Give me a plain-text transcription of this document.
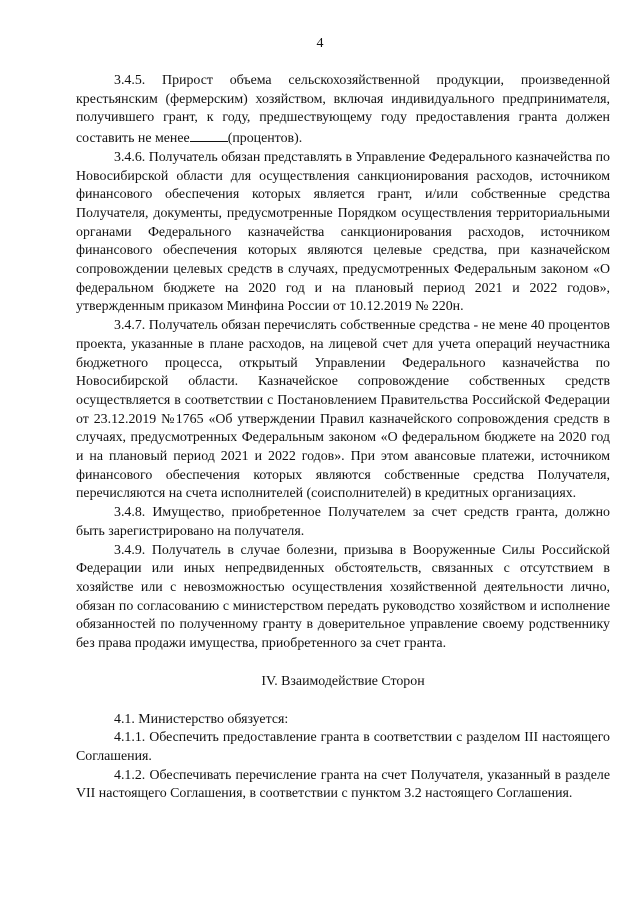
4

3.4.5. Прирост объема сельскохозяйственной продукции, произведенной крестьянским (фермерским) хозяйством, включая индивидуального предпринимателя, получившего грант, к году, предшествующему году предоставления гранта должен составить не менее	(процентов).

3.4.6. Получатель обязан представлять в Управление Федерального казначейства по Новосибирской области для осуществления санкционирования расходов, источником финансового обеспечения которых является грант, и/или собственные средства Получателя, документы, предусмотренные Порядком осуществления территориальными органами Федерального казначейства санкционирования расходов, источником финансового обеспечения которых являются целевые средства, при казначейском сопровождении целевых средств в случаях, предусмотренных Федеральным законом «О федеральном бюджете на 2020 год и на плановый период 2021 и 2022 годов», утвержденным приказом Минфина России от 10.12.2019 № 220н.

3.4.7. Получатель обязан перечислять собственные средства - не мене 40 процентов проекта, указанные в плане расходов, на лицевой счет для учета операций неучастника бюджетного процесса, открытый Управлении Федерального казначейства по Новосибирской области. Казначейское сопровождение собственных средств осуществляется в соответствии с Постановлением Правительства Российской Федерации от 23.12.2019 №1765 «Об утверждении Правил казначейского сопровождения средств в случаях, предусмотренных Федеральным законом «О федеральном бюджете на 2020 год и на плановый период 2021 и 2022 годов». При этом авансовые платежи, источником финансового обеспечения которых являются собственные средства Получателя, перечисляются на счета исполнителей (соисполнителей) в кредитных организациях.

3.4.8. Имущество, приобретенное Получателем за счет средств гранта, должно быть зарегистрировано на получателя.

3.4.9. Получатель в случае болезни, призыва в Вооруженные Силы Российской Федерации или иных непредвиденных обстоятельств, связанных с отсутствием в хозяйстве или с невозможностью осуществления хозяйственной деятельности лично, обязан по согласованию с министерством передать руководство хозяйством и исполнение обязанностей по полученному гранту в доверительное управление своему родственнику без права продажи имущества, приобретенного за счет гранта.

IV. Взаимодействие Сторон

4.1. Министерство обязуется:

4.1.1. Обеспечить предоставление гранта в соответствии с разделом III настоящего Соглашения.

4.1.2. Обеспечивать перечисление гранта на счет Получателя, указанный в разделе VII настоящего Соглашения, в соответствии с пунктом 3.2 настоящего Соглашения.
